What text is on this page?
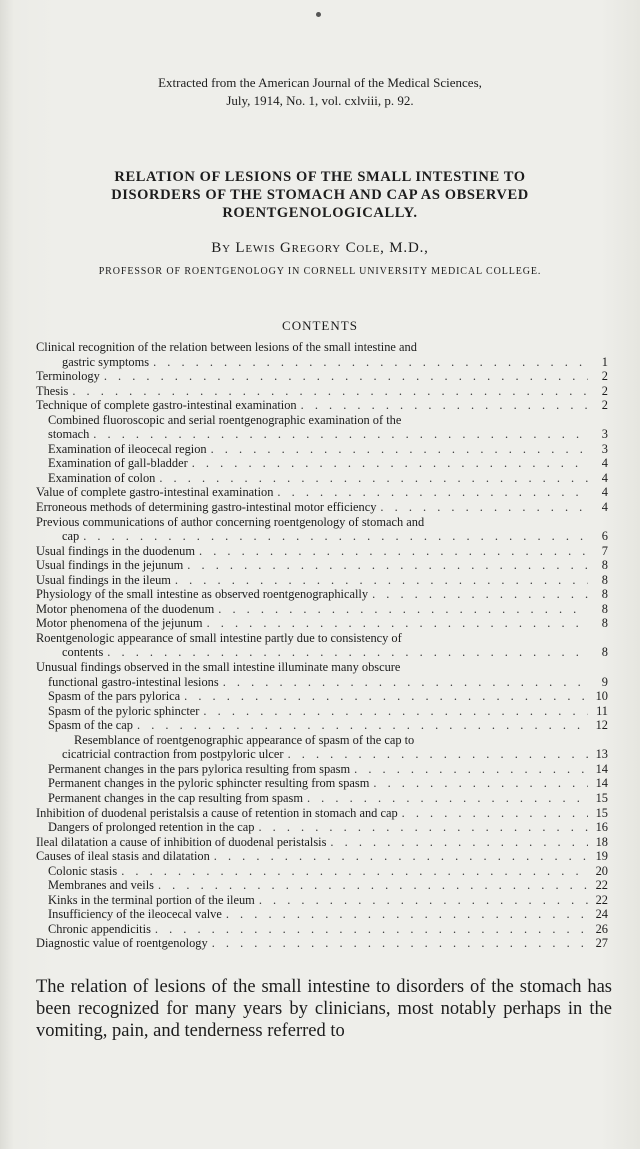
Extracted from the American Journal of the Medical Sciences,
July, 1914, No. 1, vol. cxlviii, p. 92.
RELATION OF LESIONS OF THE SMALL INTESTINE TO
DISORDERS OF THE STOMACH AND CAP AS OBSERVED
ROENTGENOLOGICALLY.
By Lewis Gregory Cole, M.D.,
PROFESSOR OF ROENTGENOLOGY IN CORNELL UNIVERSITY MEDICAL COLLEGE.
CONTENTS
Clinical recognition of the relation between lesions of the small intestine and
gastric symptoms . . .	1
Terminology . . .	2
Thesis . . .	2
Technique of complete gastro-intestinal examination . . .	2
Combined fluoroscopic and serial roentgenographic examination of the
stomach . . .	3
Examination of ileocecal region . . .	3
Examination of gall-bladder . . .	4
Examination of colon . . .	4
Value of complete gastro-intestinal examination . . .	4
Erroneous methods of determining gastro-intestinal motor efficiency . . .	4
Previous communications of author concerning roentgenology of stomach and
cap . . .	6
Usual findings in the duodenum . . .	7
Usual findings in the jejunum . . .	8
Usual findings in the ileum . . .	8
Physiology of the small intestine as observed roentgenographically . . .	8
Motor phenomena of the duodenum . . .	8
Motor phenomena of the jejunum . . .	8
Roentgenologic appearance of small intestine partly due to consistency of
contents . . .	8
Unusual findings observed in the small intestine illuminate many obscure
functional gastro-intestinal lesions . . .	9
Spasm of the pars pylorica . . .	10
Spasm of the pyloric sphincter . . .	11
Spasm of the cap . . .	12
Resemblance of roentgenographic appearance of spasm of the cap to
cicatricial contraction from postpyloric ulcer . . .	13
Permanent changes in the pars pylorica resulting from spasm . . .	14
Permanent changes in the pyloric sphincter resulting from spasm . . .	14
Permanent changes in the cap resulting from spasm . . .	15
Inhibition of duodenal peristalsis a cause of retention in stomach and cap . . .	15
Dangers of prolonged retention in the cap . . .	16
Ileal dilatation a cause of inhibition of duodenal peristalsis . . .	18
Causes of ileal stasis and dilatation . . .	19
Colonic stasis . . .	20
Membranes and veils . . .	22
Kinks in the terminal portion of the ileum . . .	22
Insufficiency of the ileocecal valve . . .	24
Chronic appendicitis . . .	26
Diagnostic value of roentgenology . . .	27
The relation of lesions of the small intestine to disorders of the stomach has been recognized for many years by clinicians, most notably perhaps in the vomiting, pain, and tenderness referred to
